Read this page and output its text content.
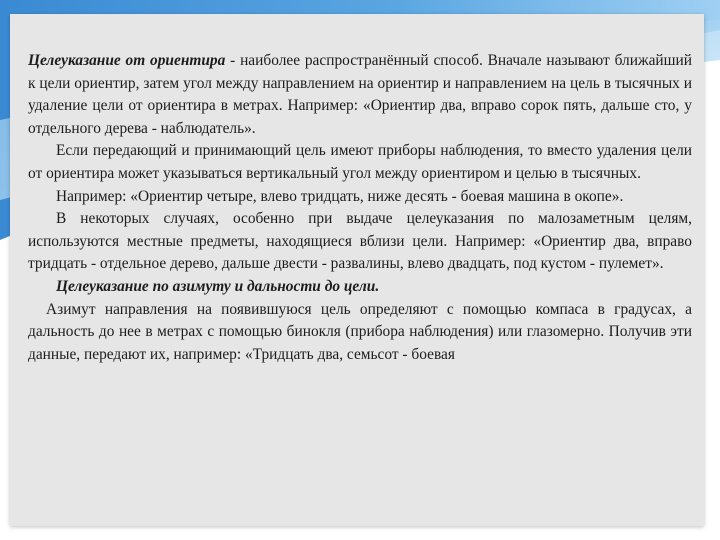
Целеуказание от ориентира - наиболее распространённый способ. Вначале называют ближайший к цели ориентир, затем угол между направлением на ориентир и направлением на цель в тысячных и удаление цели от ориентира в метрах. Например: «Ориентир два, вправо сорок пять, дальше сто, у отдельного дерева - наблюдатель».

Если передающий и принимающий цель имеют приборы наблюдения, то вместо удаления цели от ориентира может указываться вертикальный угол между ориентиром и целью в тысячных.

Например: «Ориентир четыре, влево тридцать, ниже десять - боевая машина в окопе».

В некоторых случаях, особенно при выдаче целеуказания по малозаметным целям, используются местные предметы, находящиеся вблизи цели. Например: «Ориентир два, вправо тридцать - отдельное дерево, дальше двести - развалины, влево двадцать, под кустом - пулемет».

Целеуказание по азимуту и дальности до цели.

Азимут направления на появившуюся цель определяют с помощью компаса в градусах, а дальность до нее в метрах с помощью бинокля (прибора наблюдения) или глазомерно. Получив эти данные, передают их, например: «Тридцать два, семьсот - боевая
